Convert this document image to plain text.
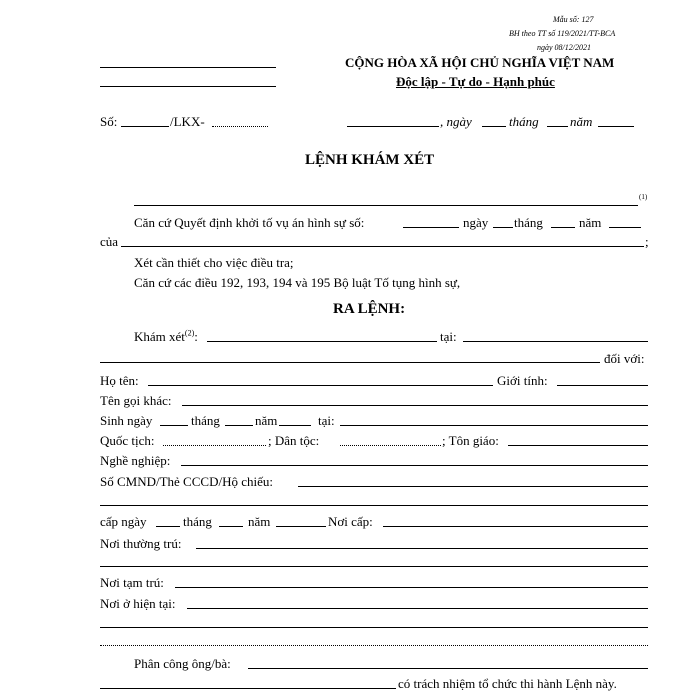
Mẫu số: 127
BH theo TT số 119/2021/TT-BCA
ngày 08/12/2021
CỘNG HÒA XÃ HỘI CHỦ NGHĨA VIỆT NAM
Độc lập - Tự do - Hạnh phúc
Số:	/LKX-	, ngày	tháng năm
LỆNH KHÁM XÉT
(1)
Căn cứ Quyết định khởi tố vụ án hình sự số:	ngày tháng	năm
của	;
Xét cần thiết cho việc điều tra;
Căn cứ các điều 192, 193, 194 và 195 Bộ luật Tố tụng hình sự,
RA LỆNH:
Khám xét$^{(2)}$:	tại:
đối với:
Họ tên:	Giới tính:
Tên gọi khác:
Sinh ngày	tháng	năm	tại:
Quốc tịch:	; Dân tộc:	; Tôn giáo:
Nghề nghiệp:
Số CMND/Thẻ CCCD/Hộ chiếu:
cấp ngày	tháng	năm	Nơi cấp:
Nơi thường trú:
Nơi tạm trú:
Nơi ở hiện tại:
Phân công ông/bà:
có trách nhiệm tổ chức thi hành Lệnh này.
